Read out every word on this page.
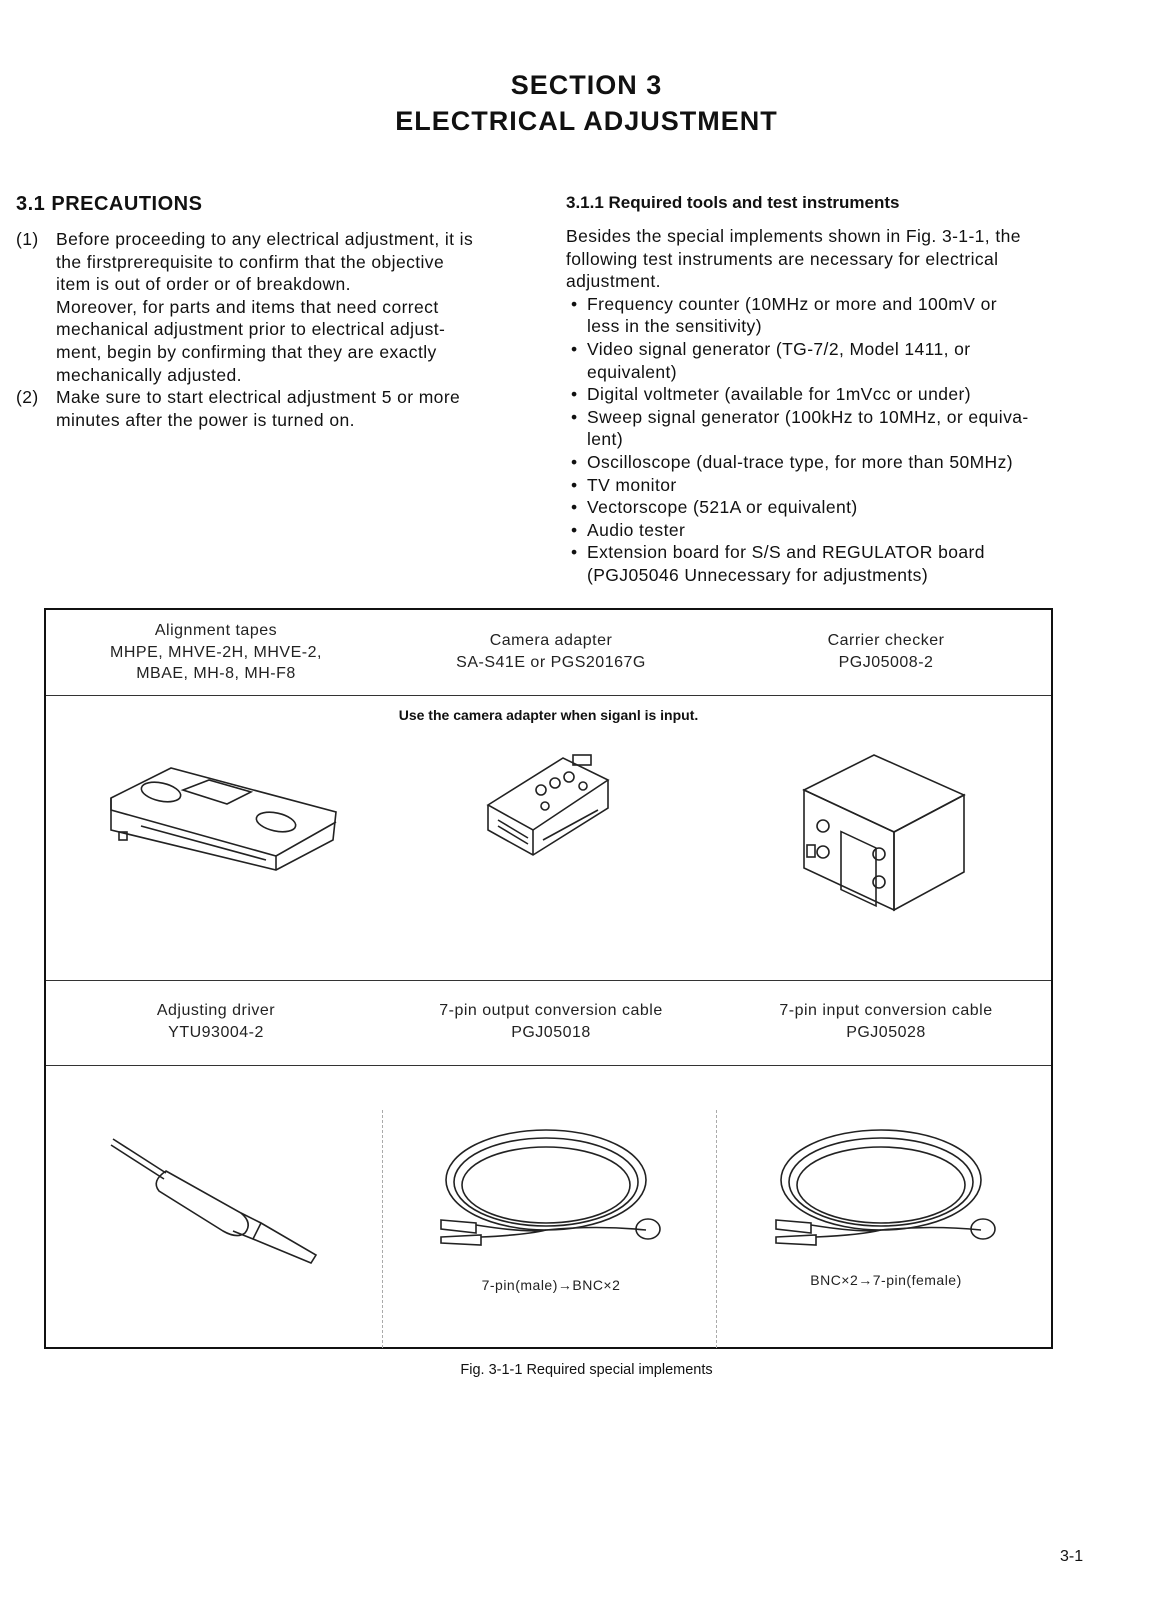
SECTION 3
ELECTRICAL ADJUSTMENT
3.1 PRECAUTIONS
(1) Before proceeding to any electrical adjustment, it is
the firstprerequisite to confirm that the objective
item is out of order or of breakdown.
Moreover, for parts and items that need correct
mechanical adjustment prior to electrical adjust-
ment, begin by confirming that they are exactly
mechanically adjusted.
(2) Make sure to start electrical adjustment 5 or more
minutes after the power is turned on.
3.1.1 Required tools and test instruments
Besides the special implements shown in Fig. 3-1-1, the
following test instruments are necessary for electrical
adjustment.
• Frequency counter (10MHz or more and 100mV or
less in the sensitivity)
• Video signal generator (TG-7/2, Model 1411, or
equivalent)
• Digital voltmeter (available for 1mVcc or under)
• Sweep signal generator (100kHz to 10MHz, or equiva-
lent)
• Oscilloscope (dual-trace type, for more than 50MHz)
• TV monitor
• Vectorscope (521A or equivalent)
• Audio tester
• Extension board for S/S and REGULATOR board
(PGJ05046 Unnecessary for adjustments)
Alignment tapes
MHPE, MHVE-2H, MHVE-2,
MBAE, MH-8, MH-F8
Camera adapter
SA-S41E or PGS20167G
Carrier checker
PGJ05008-2
Use the camera adapter when siganl is input.
Adjusting driver
YTU93004-2
7-pin output conversion cable
PGJ05018
7-pin input conversion cable
PGJ05028
7-pin(male)→BNC×2	BNC×2→7-pin(female)
Fig. 3-1-1 Required special implements
3-1
